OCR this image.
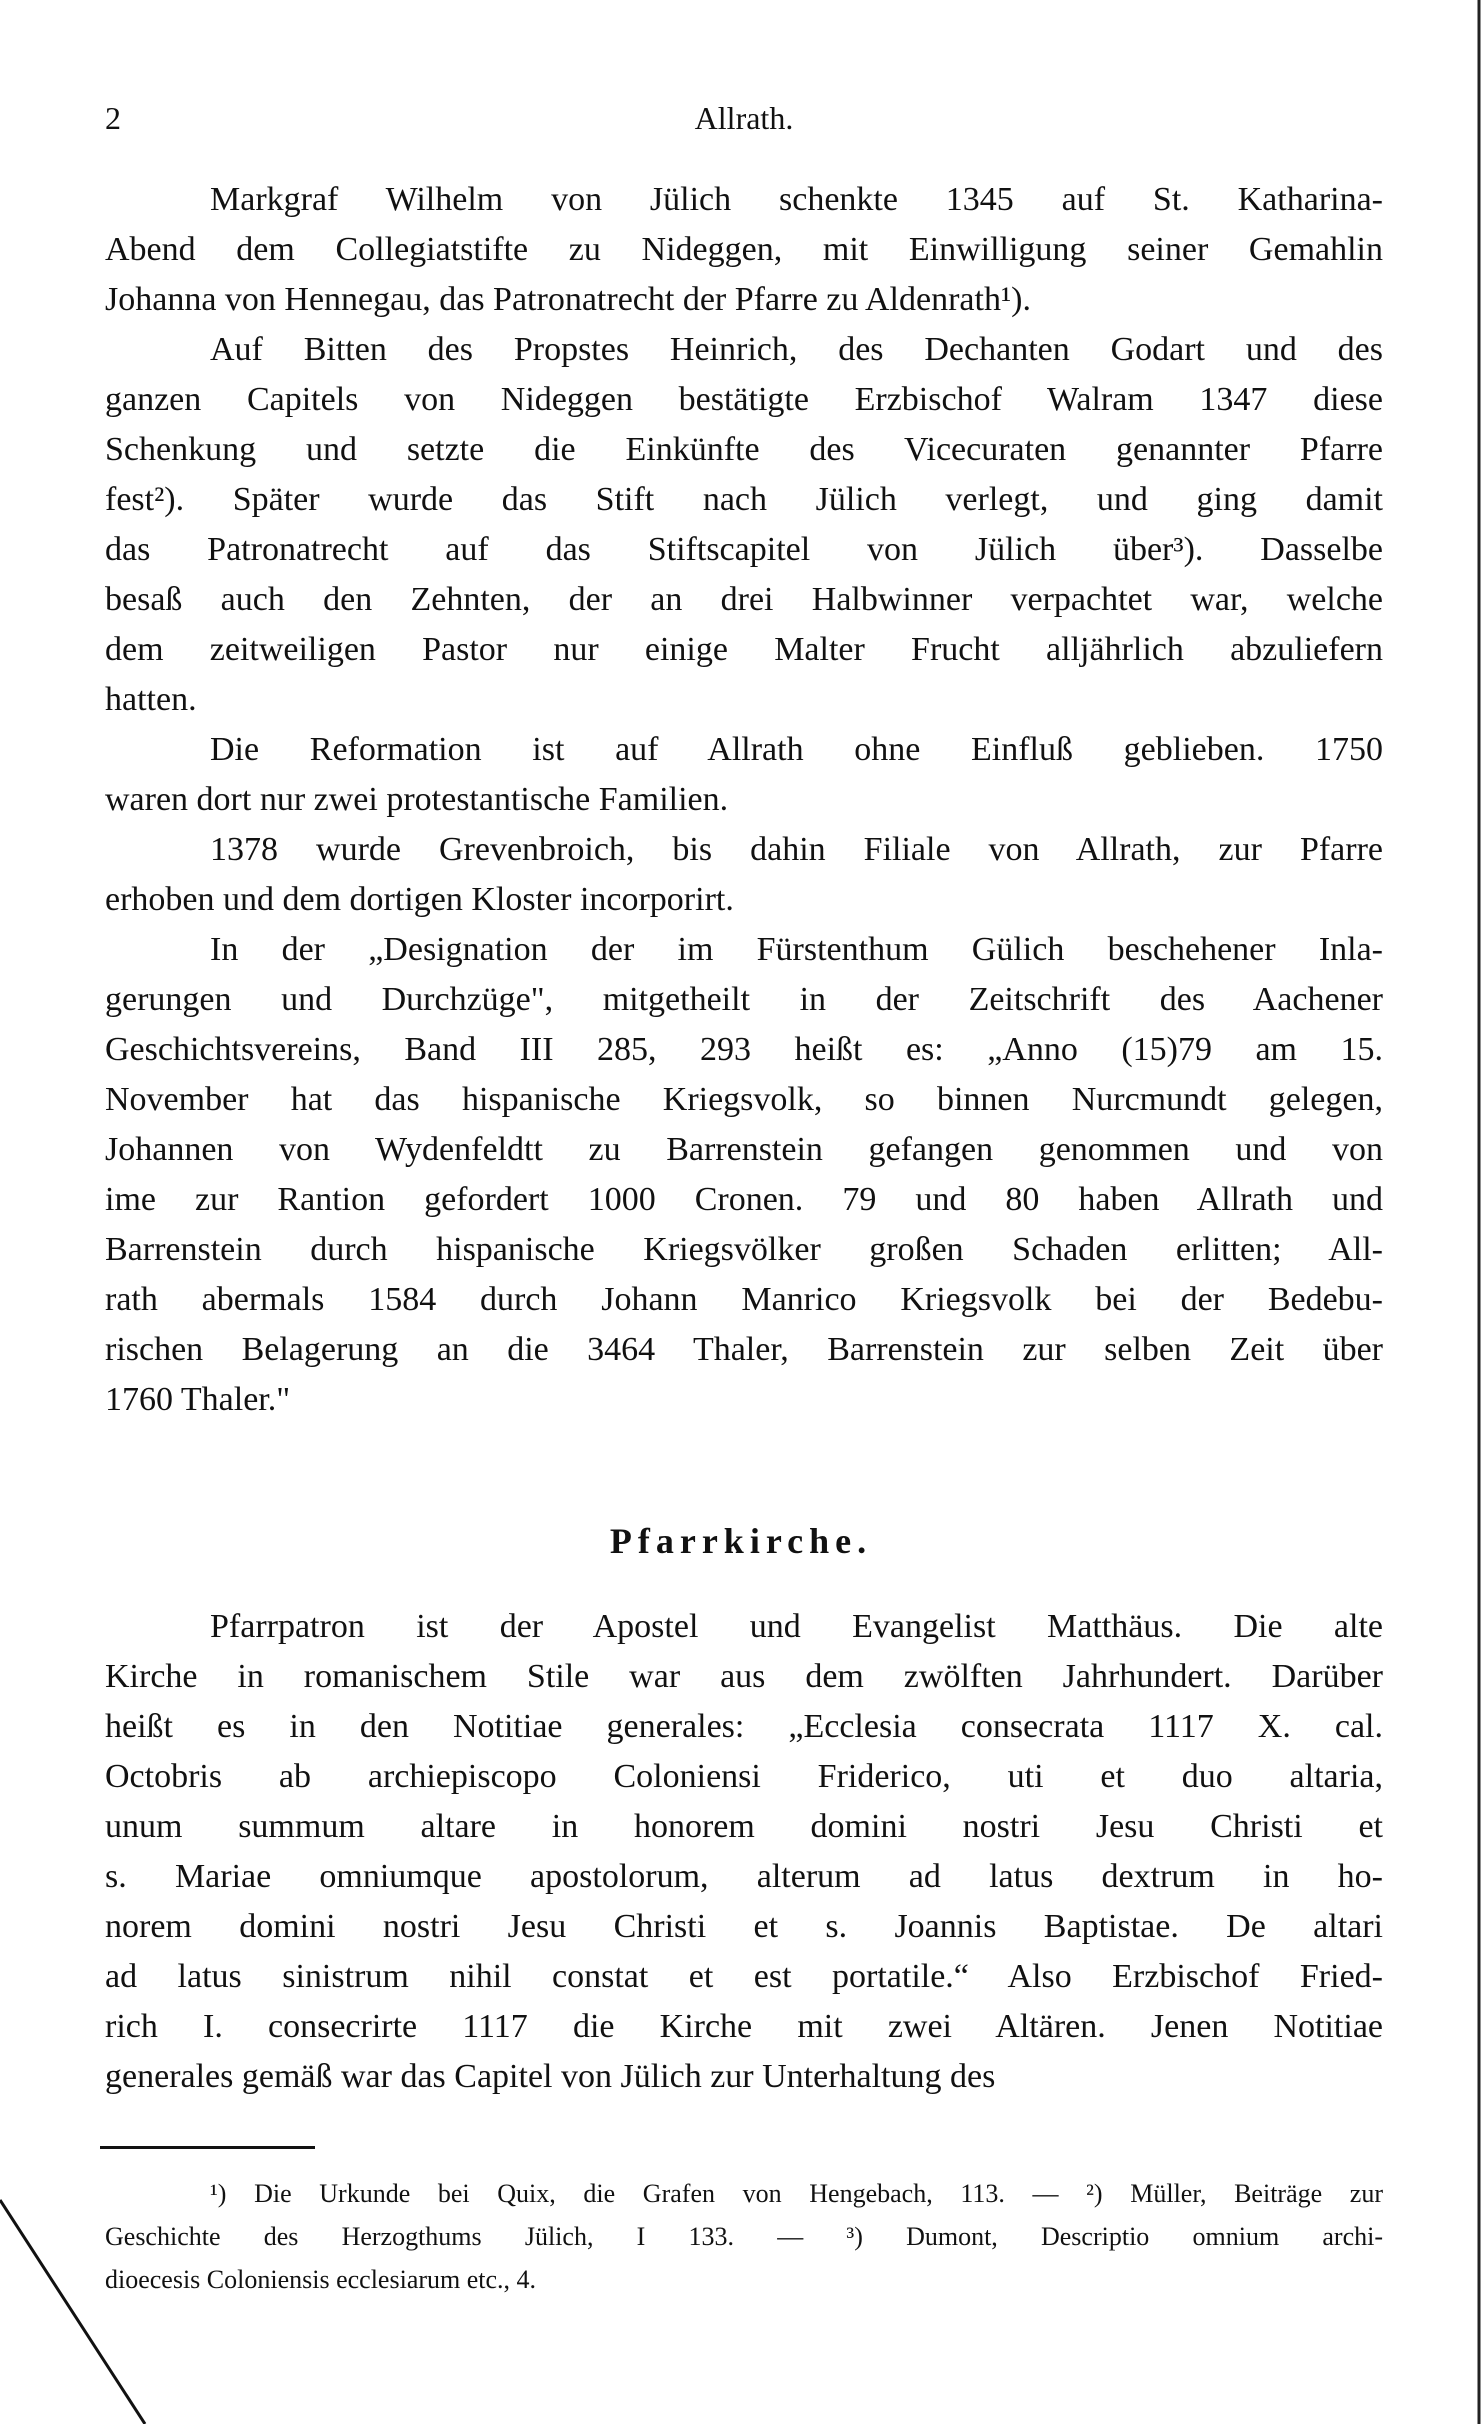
2	Allrath.
Markgraf Wilhelm von Jülich schenkte 1345 auf St. Katharina-
Abend dem Collegiatstifte zu Nideggen, mit Einwilligung seiner Gemahlin
Johanna von Hennegau, das Patronatrecht der Pfarre zu Aldenrath¹).
Auf Bitten des Propstes Heinrich, des Dechanten Godart und des
ganzen Capitels von Nideggen bestätigte Erzbischof Walram 1347 diese
Schenkung und setzte die Einkünfte des Vicecuraten genannter Pfarre
fest²). Später wurde das Stift nach Jülich verlegt, und ging damit
das Patronatrecht auf das Stiftscapitel von Jülich über³). Dasselbe
besaß auch den Zehnten, der an drei Halbwinner verpachtet war, welche
dem zeitweiligen Pastor nur einige Malter Frucht alljährlich abzuliefern
hatten.
Die Reformation ist auf Allrath ohne Einfluß geblieben. 1750
waren dort nur zwei protestantische Familien.
1378 wurde Grevenbroich, bis dahin Filiale von Allrath, zur Pfarre
erhoben und dem dortigen Kloster incorporirt.
In der „Designation der im Fürstenthum Gülich beschehener Inla-
gerungen und Durchzüge", mitgetheilt in der Zeitschrift des Aachener
Geschichtsvereins, Band III 285, 293 heißt es: „Anno (15)79 am 15.
November hat das hispanische Kriegsvolk, so binnen Nurcmundt gelegen,
Johannen von Wydenfeldtt zu Barrenstein gefangen genommen und von
ime zur Rantion gefordert 1000 Cronen. 79 und 80 haben Allrath und
Barrenstein durch hispanische Kriegsvölker großen Schaden erlitten; All-
rath abermals 1584 durch Johann Manrico Kriegsvolk bei der Bedebu-
rischen Belagerung an die 3464 Thaler, Barrenstein zur selben Zeit über
1760 Thaler."
Pfarrkirche.
Pfarrpatron ist der Apostel und Evangelist Matthäus. Die alte
Kirche in romanischem Stile war aus dem zwölften Jahrhundert. Darüber
heißt es in den Notitiae generales: „Ecclesia consecrata 1117 X. cal.
Octobris ab archiepiscopo Coloniensi Friderico, uti et duo altaria,
unum summum altare in honorem domini nostri Jesu Christi et
s. Mariae omniumque apostolorum, alterum ad latus dextrum in ho-
norem domini nostri Jesu Christi et s. Joannis Baptistae. De altari
ad latus sinistrum nihil constat et est portatile.“ Also Erzbischof Fried-
rich I. consecrirte 1117 die Kirche mit zwei Altären. Jenen Notitiae
generales gemäß war das Capitel von Jülich zur Unterhaltung des
¹) Die Urkunde bei Quix, die Grafen von Hengebach, 113. — ²) Müller, Beiträge zur
Geschichte des Herzogthums Jülich, I 133. — ³) Dumont, Descriptio omnium archi-
dioecesis Coloniensis ecclesiarum etc., 4.
